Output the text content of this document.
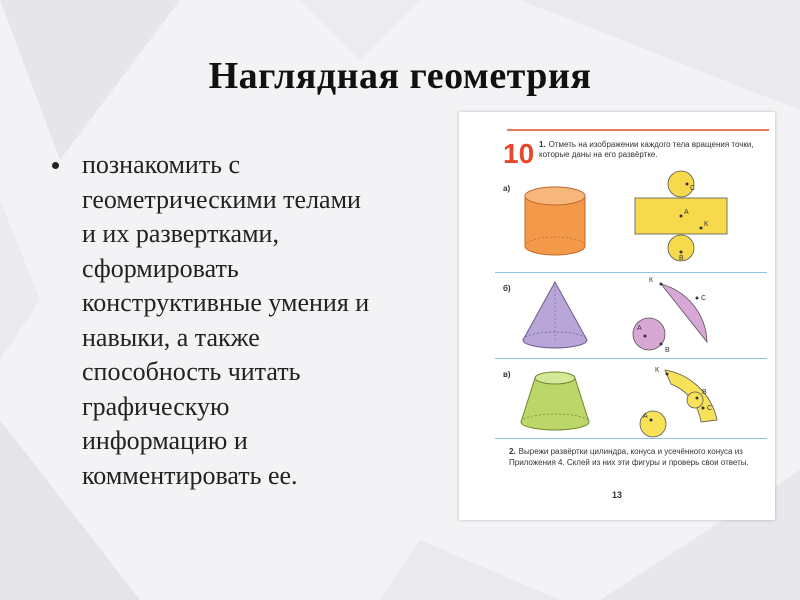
Наглядная геометрия
познакомить с
геометрическими телами
и их развертками,
сформировать
конструктивные умения и
навыки, а также
способность читать
графическую
информацию и
комментировать ее.
10 1. Отметь на изображении каждого тела вращения точки, которые даны на его развёртке.
а)
б)
в)
С
А
К
В
К
С
А
В
К
В
С
А
2. Вырежи развёртки цилиндра, конуса и усечённого конуса из Приложения 4. Склей из них эти фигуры и проверь свои ответы.
13
